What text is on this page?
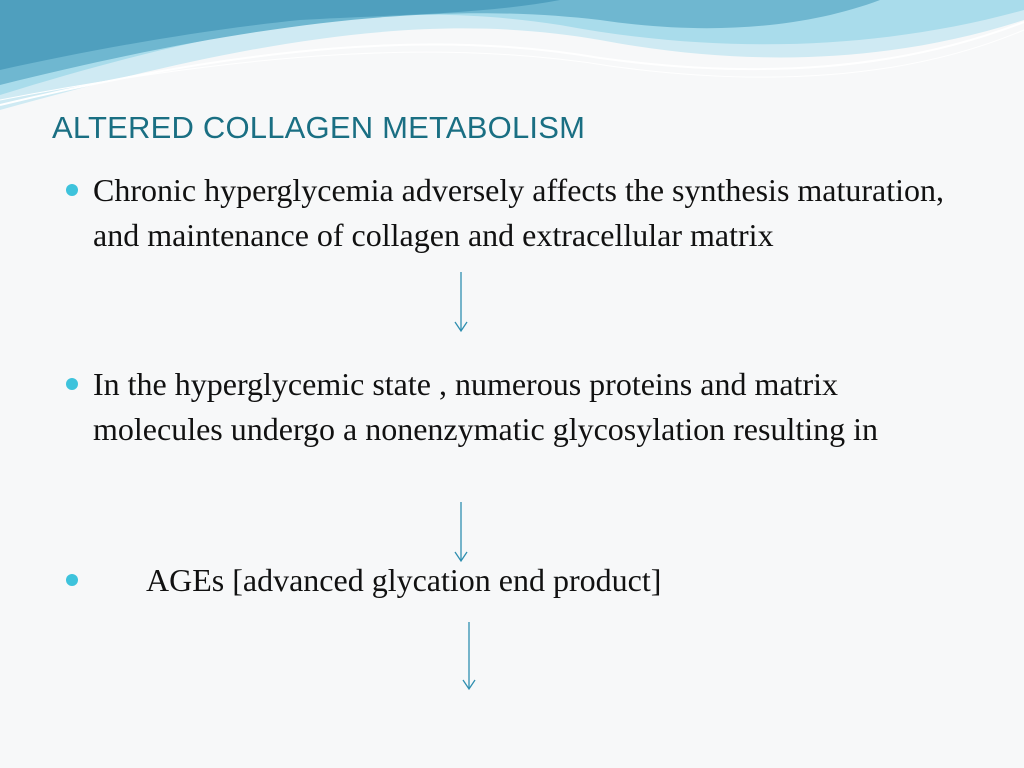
ALTERED COLLAGEN METABOLISM
Chronic hyperglycemia adversely affects the synthesis maturation, and maintenance of collagen and extracellular matrix
In the hyperglycemic state , numerous proteins and matrix molecules undergo a nonenzymatic glycosylation resulting in
AGEs [advanced glycation end product]
